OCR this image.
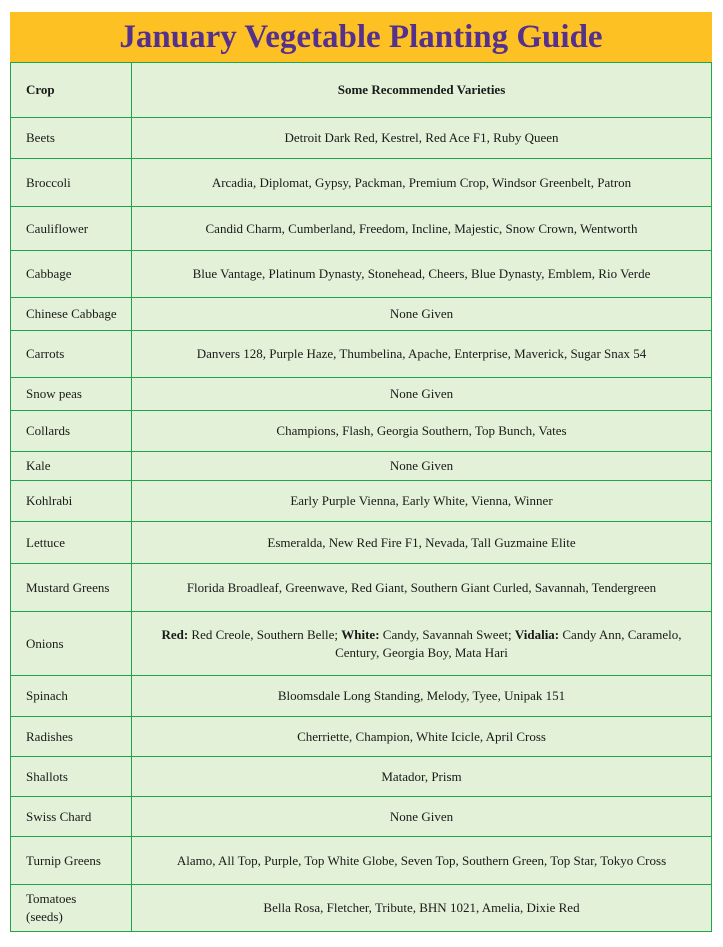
January Vegetable Planting Guide
Crop	Some Recommended Varieties
Beets	Detroit Dark Red, Kestrel, Red Ace F1, Ruby Queen
Broccoli	Arcadia, Diplomat, Gypsy, Packman, Premium Crop, Windsor Greenbelt, Patron
Cauliflower	Candid Charm, Cumberland, Freedom, Incline, Majestic, Snow Crown, Wentworth
Cabbage	Blue Vantage, Platinum Dynasty, Stonehead, Cheers, Blue Dynasty, Emblem, Rio Verde
Chinese Cabbage	None Given
Carrots	Danvers 128, Purple Haze, Thumbelina, Apache, Enterprise, Maverick, Sugar Snax 54
Snow peas	None Given
Collards	Champions, Flash, Georgia Southern, Top Bunch, Vates
Kale	None Given
Kohlrabi	Early Purple Vienna, Early White, Vienna, Winner
Lettuce	Esmeralda, New Red Fire F1, Nevada, Tall Guzmaine Elite
Mustard Greens	Florida Broadleaf, Greenwave, Red Giant, Southern Giant Curled, Savannah, Tendergreen
Onions	Red: Red Creole, Southern Belle; White: Candy, Savannah Sweet; Vidalia: Candy Ann, Caramelo, Century, Georgia Boy, Mata Hari
Spinach	Bloomsdale Long Standing, Melody, Tyee, Unipak 151
Radishes	Cherriette, Champion, White Icicle, April Cross
Shallots	Matador, Prism
Swiss Chard	None Given
Turnip Greens	Alamo, All Top, Purple, Top White Globe, Seven Top, Southern Green, Top Star, Tokyo Cross
Tomatoes (seeds)	Bella Rosa, Fletcher, Tribute, BHN 1021, Amelia, Dixie Red
